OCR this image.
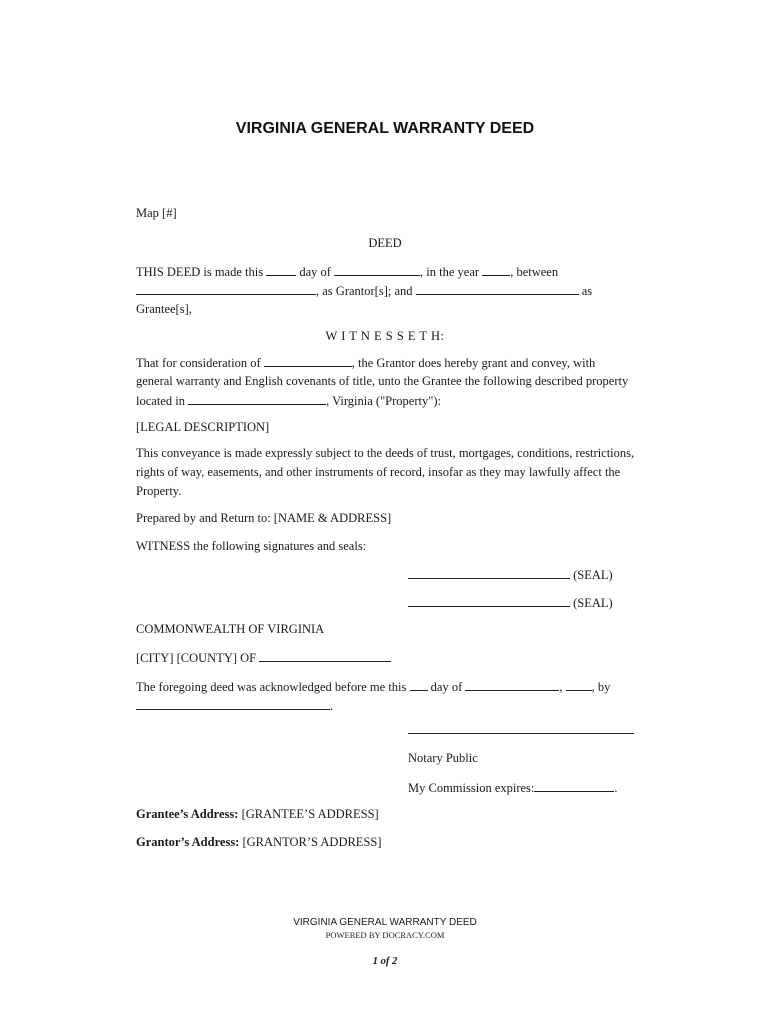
VIRGINIA GENERAL WARRANTY DEED
Map [#]
DEED
THIS DEED is made this	day of	, in the year , between
, as Grantor[s]; and	as
Grantee[s],
W I T N E S S E T H:
That for consideration of	, the Grantor does hereby grant and convey, with
general warranty and English covenants of title, unto the Grantee the following described property
located in	, Virginia ("Property"):
[LEGAL DESCRIPTION]
This conveyance is made expressly subject to the deeds of trust, mortgages, conditions, restrictions,
rights of way, easements, and other instruments of record, insofar as they may lawfully affect the
Property.
Prepared by and Return to: [NAME & ADDRESS]
WITNESS the following signatures and seals:
(SEAL)
(SEAL)
COMMONWEALTH OF VIRGINIA
[CITY] [COUNTY] OF
The foregoing deed was acknowledged before me this day of	, , by
.
Notary Public
My Commission expires:	.
Grantee’s Address: [GRANTEE’S ADDRESS]
Grantor’s Address: [GRANTOR’S ADDRESS]
VIRGINIA GENERAL WARRANTY DEED
POWERED BY DOCRACY.COM
1 of 2
